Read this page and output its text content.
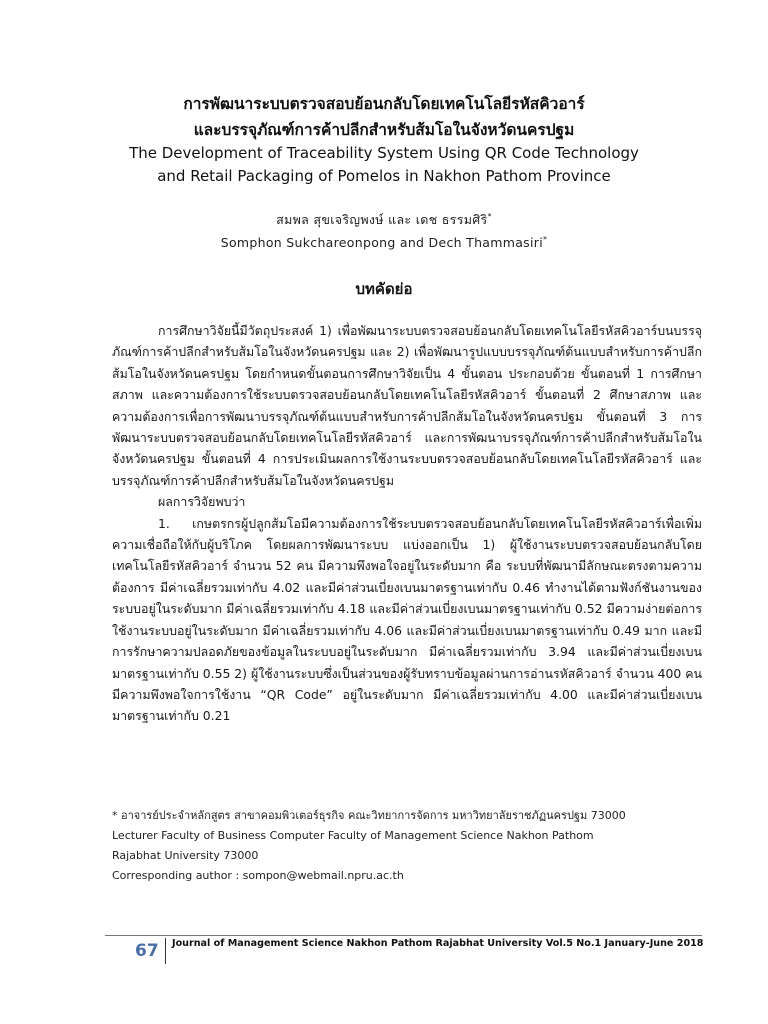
การพัฒนาระบบตรวจสอบย้อนกลับโดยเทคโนโลยีรหัสคิวอาร์
และบรรจุภัณฑ์การค้าปลีกสำหรับส้มโอในจังหวัดนครปฐม
The Development of Traceability System Using QR Code Technology
and Retail Packaging of Pomelos in Nakhon Pathom Province
สมพล สุขเจริญพงษ์ และ เดช ธรรมศิริ*
Somphon Sukchareonpong and Dech Thammasiri*
บทคัดย่อ

การศึกษาวิจัยนี้มีวัตถุประสงค์ 1) เพื่อพัฒนาระบบตรวจสอบย้อนกลับโดยเทคโนโลยีรหัสคิวอาร์บนบรรจุภัณฑ์การค้าปลีกสำหรับส้มโอในจังหวัดนครปฐม และ 2) เพื่อพัฒนารูปแบบบรรจุภัณฑ์ต้นแบบสำหรับการค้าปลีกส้มโอในจังหวัดนครปฐม โดยกำหนดขั้นตอนการศึกษาวิจัยเป็น 4 ขั้นตอน ประกอบด้วย ขั้นตอนที่ 1 การศึกษาสภาพ และความต้องการใช้ระบบตรวจสอบย้อนกลับโดยเทคโนโลยีรหัสคิวอาร์ ขั้นตอนที่ 2 ศึกษาสภาพ และความต้องการเพื่อการพัฒนาบรรจุภัณฑ์ต้นแบบสำหรับการค้าปลีกส้มโอในจังหวัดนครปฐม ขั้นตอนที่ 3 การพัฒนาระบบตรวจสอบย้อนกลับโดยเทคโนโลยีรหัสคิวอาร์ และการพัฒนาบรรจุภัณฑ์การค้าปลีกสำหรับส้มโอในจังหวัดนครปฐม ขั้นตอนที่ 4 การประเมินผลการใช้งานระบบตรวจสอบย้อนกลับโดยเทคโนโลยีรหัสคิวอาร์ และบรรจุภัณฑ์การค้าปลีกสำหรับส้มโอในจังหวัดนครปฐม

ผลการวิจัยพบว่า

1. เกษตรกรผู้ปลูกส้มโอมีความต้องการใช้ระบบตรวจสอบย้อนกลับโดยเทคโนโลยีรหัสคิวอาร์เพื่อเพิ่มความเชื่อถือให้กับผู้บริโภค โดยผลการพัฒนาระบบ แบ่งออกเป็น 1) ผู้ใช้งานระบบตรวจสอบย้อนกลับโดยเทคโนโลยีรหัสคิวอาร์ จำนวน 52 คน มีความพึงพอใจอยู่ในระดับมาก คือ ระบบที่พัฒนามีลักษณะตรงตามความต้องการ มีค่าเฉลี่ยรวมเท่ากับ 4.02 และมีค่าส่วนเบี่ยงเบนมาตรฐานเท่ากับ 0.46 ทำงานได้ตามฟังก์ชันงานของระบบอยู่ในระดับมาก มีค่าเฉลี่ยรวมเท่ากับ 4.18 และมีค่าส่วนเบี่ยงเบนมาตรฐานเท่ากับ 0.52 มีความง่ายต่อการใช้งานระบบอยู่ในระดับมาก มีค่าเฉลี่ยรวมเท่ากับ 4.06 และมีค่าส่วนเบี่ยงเบนมาตรฐานเท่ากับ 0.49 มาก และมีการรักษาความปลอดภัยของข้อมูลในระบบอยู่ในระดับมาก มีค่าเฉลี่ยรวมเท่ากับ 3.94 และมีค่าส่วนเบี่ยงเบนมาตรฐานเท่ากับ 0.55 2) ผู้ใช้งานระบบซึ่งเป็นส่วนของผู้รับทราบข้อมูลผ่านการอ่านรหัสคิวอาร์ จำนวน 400 คน มีความพึงพอใจการใช้งาน “QR Code” อยู่ในระดับมาก มีค่าเฉลี่ยรวมเท่ากับ 4.00 และมีค่าส่วนเบี่ยงเบนมาตรฐานเท่ากับ 0.21

* อาจารย์ประจำหลักสูตร สาขาคอมพิวเตอร์ธุรกิจ คณะวิทยาการจัดการ มหาวิทยาลัยราชภัฏนครปฐม 73000

Lecturer Faculty of Business Computer Faculty of Management Science Nakhon Pathom

Rajabhat University 73000

Corresponding author : sompon@webmail.npru.ac.th

67 Journal of Management Science Nakhon Pathom Rajabhat University Vol.5 No.1 January-June 2018
